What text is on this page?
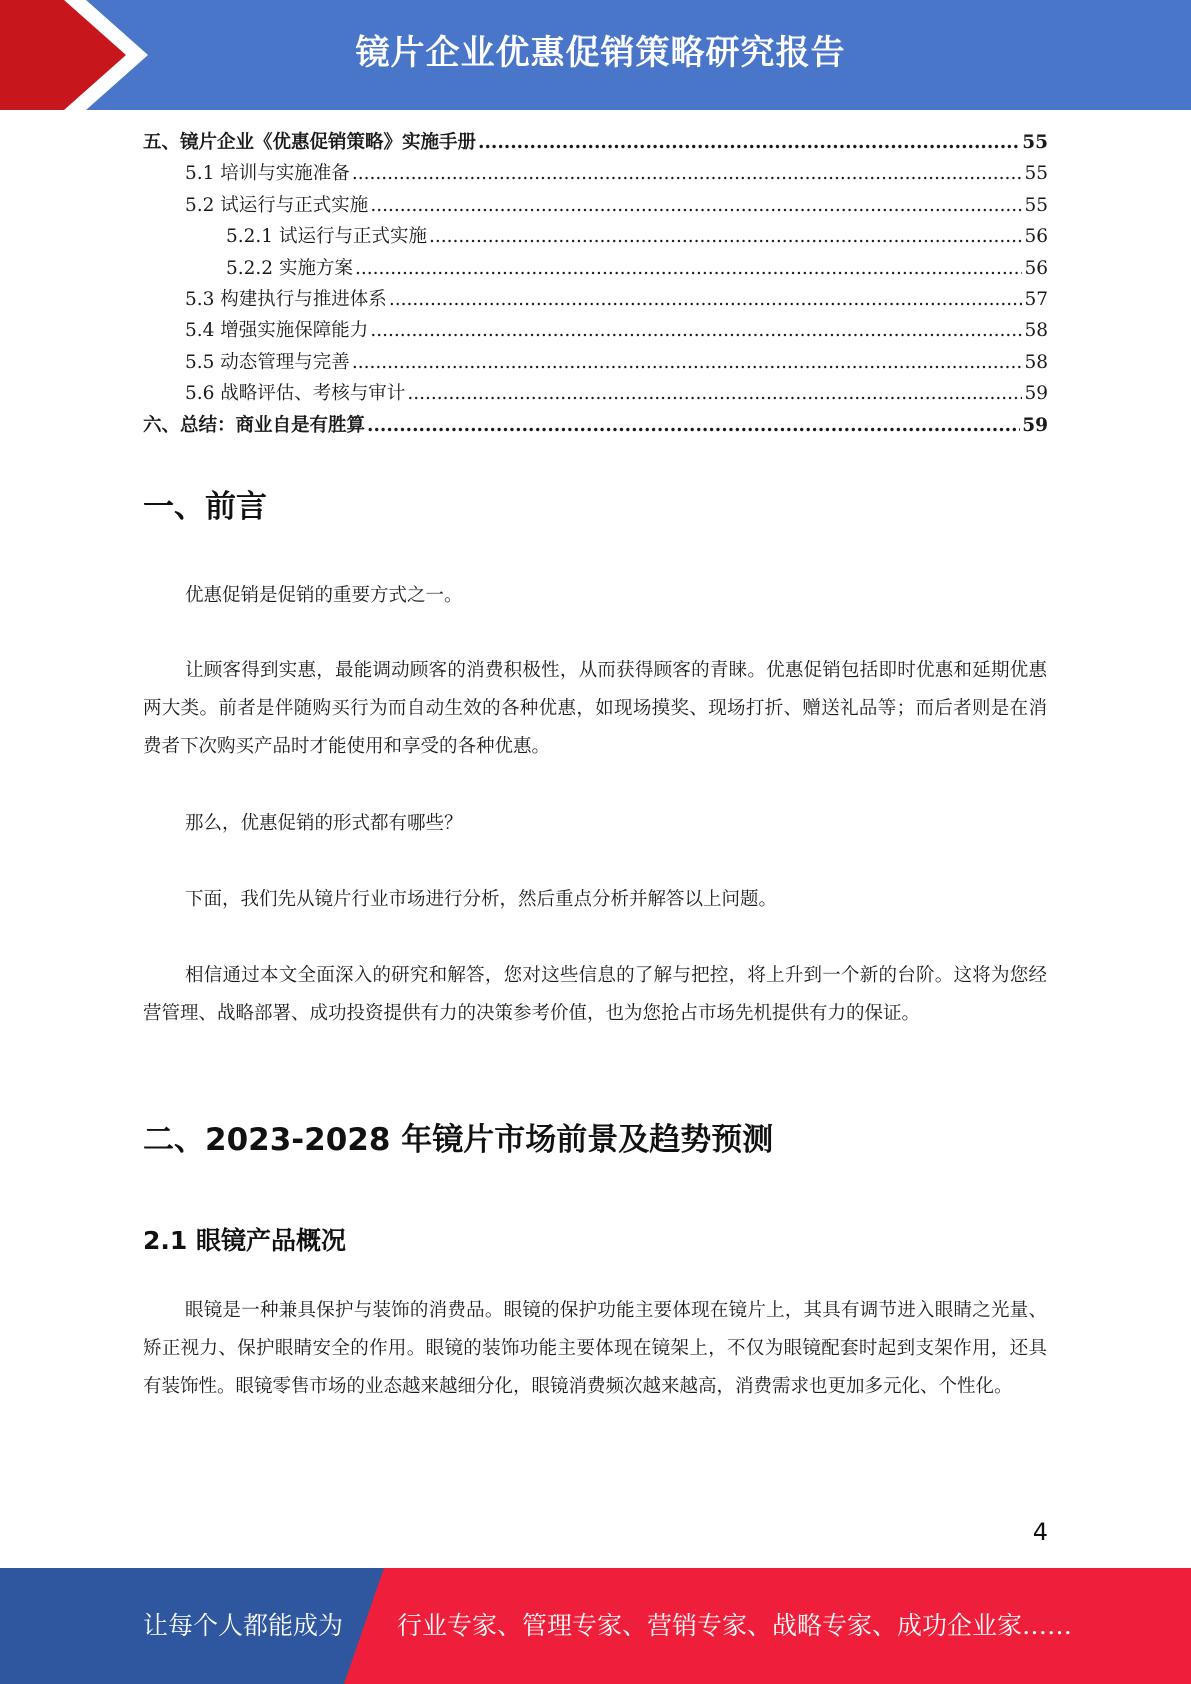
镜片企业优惠促销策略研究报告
五、镜片企业《优惠促销策略》实施手册 .....	55
5.1 培训与实施准备 .....	55
5.2 试运行与正式实施 .....	55
5.2.1 试运行与正式实施 .....	56
5.2.2 实施方案 .....	56
5.3 构建执行与推进体系 .....	57
5.4 增强实施保障能力 .....	58
5.5 动态管理与完善 .....	58
5.6 战略评估、考核与审计 .....	59
六、总结：商业自是有胜算 .....	59
一、前言
优惠促销是促销的重要方式之一。
让顾客得到实惠，最能调动顾客的消费积极性，从而获得顾客的青睐。优惠促销包括即时优惠和延期优惠两大类。前者是伴随购买行为而自动生效的各种优惠，如现场摸奖、现场打折、赠送礼品等；而后者则是在消费者下次购买产品时才能使用和享受的各种优惠。
那么，优惠促销的形式都有哪些？
下面，我们先从镜片行业市场进行分析，然后重点分析并解答以上问题。
相信通过本文全面深入的研究和解答，您对这些信息的了解与把控，将上升到一个新的台阶。这将为您经营管理、战略部署、成功投资提供有力的决策参考价值，也为您抢占市场先机提供有力的保证。
二、2023-2028 年镜片市场前景及趋势预测
2.1 眼镜产品概况
眼镜是一种兼具保护与装饰的消费品。眼镜的保护功能主要体现在镜片上，其具有调节进入眼睛之光量、矫正视力、保护眼睛安全的作用。眼镜的装饰功能主要体现在镜架上，不仅为眼镜配套时起到支架作用，还具有装饰性。眼镜零售市场的业态越来越细分化，眼镜消费频次越来越高，消费需求也更加多元化、个性化。
4
让每个人都能成为 行业专家、管理专家、营销专家、战略专家、成功企业家……
